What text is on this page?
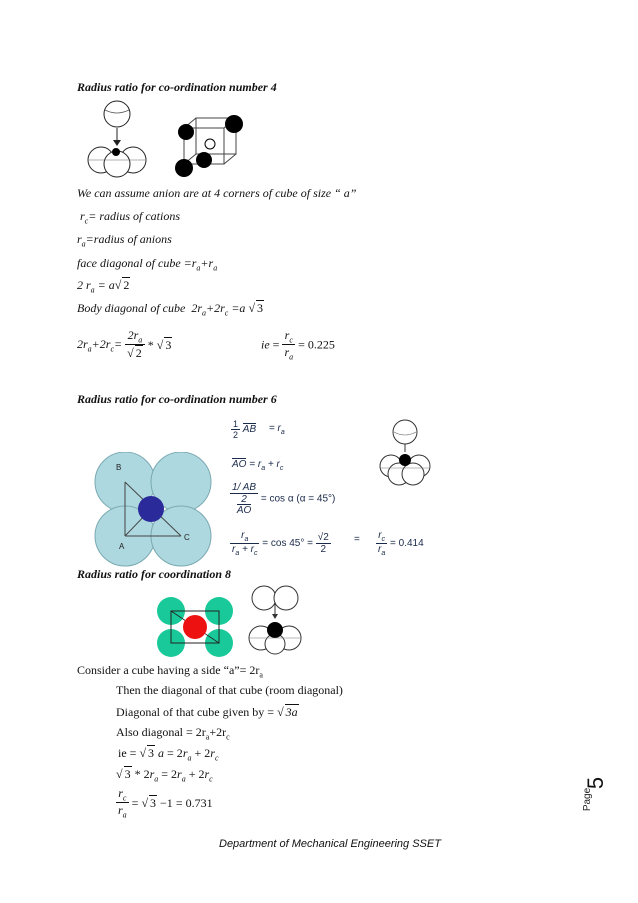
Radius ratio for co-ordination number 4
We can assume anion are at 4 corners of cube of size “ a”
$r_c=$ radius of cations
$r_a=radius$ of anions
face diagonal of cube $=r_a+r_a$
2 $r_a = a√$ 2
Body diagonal of cube  $2r_a+2r_c =a$ √ 3
$2r_a+2r_c= \frac{2r_a}{√ 2}$ * √ 3	ie = $\frac{r_c}{r_a} = 0.225$
Radius ratio for co-ordination number 6
B
A
C
$\frac{1}{2}$ AB = $r_a$
AO = $r_a + r_c$
1/ AB
2
AO
= cos α (α = 45°)
$\frac{r_a}{r_a + r_c} = \cos 45^\circ = \frac{√2}{2} = \frac{r_c}{r_a} = 0.414$
Radius ratio for coordination 8
Consider a cube having a side “a”= $2r_a$
Then the diagonal of that cube (room diagonal)
Diagonal of that cube given by = √ 3a
Also diagonal = $2r_a+2r_c$
ie = √ 3 $a = 2r_a + 2r_c$
√ $3 * 2r_a = 2r_a + 2r_c$
$\frac{r_c}{r_a}$ = √ 3 −1 = 0.731	Page
5
Department of Mechanical Engineering SSET
